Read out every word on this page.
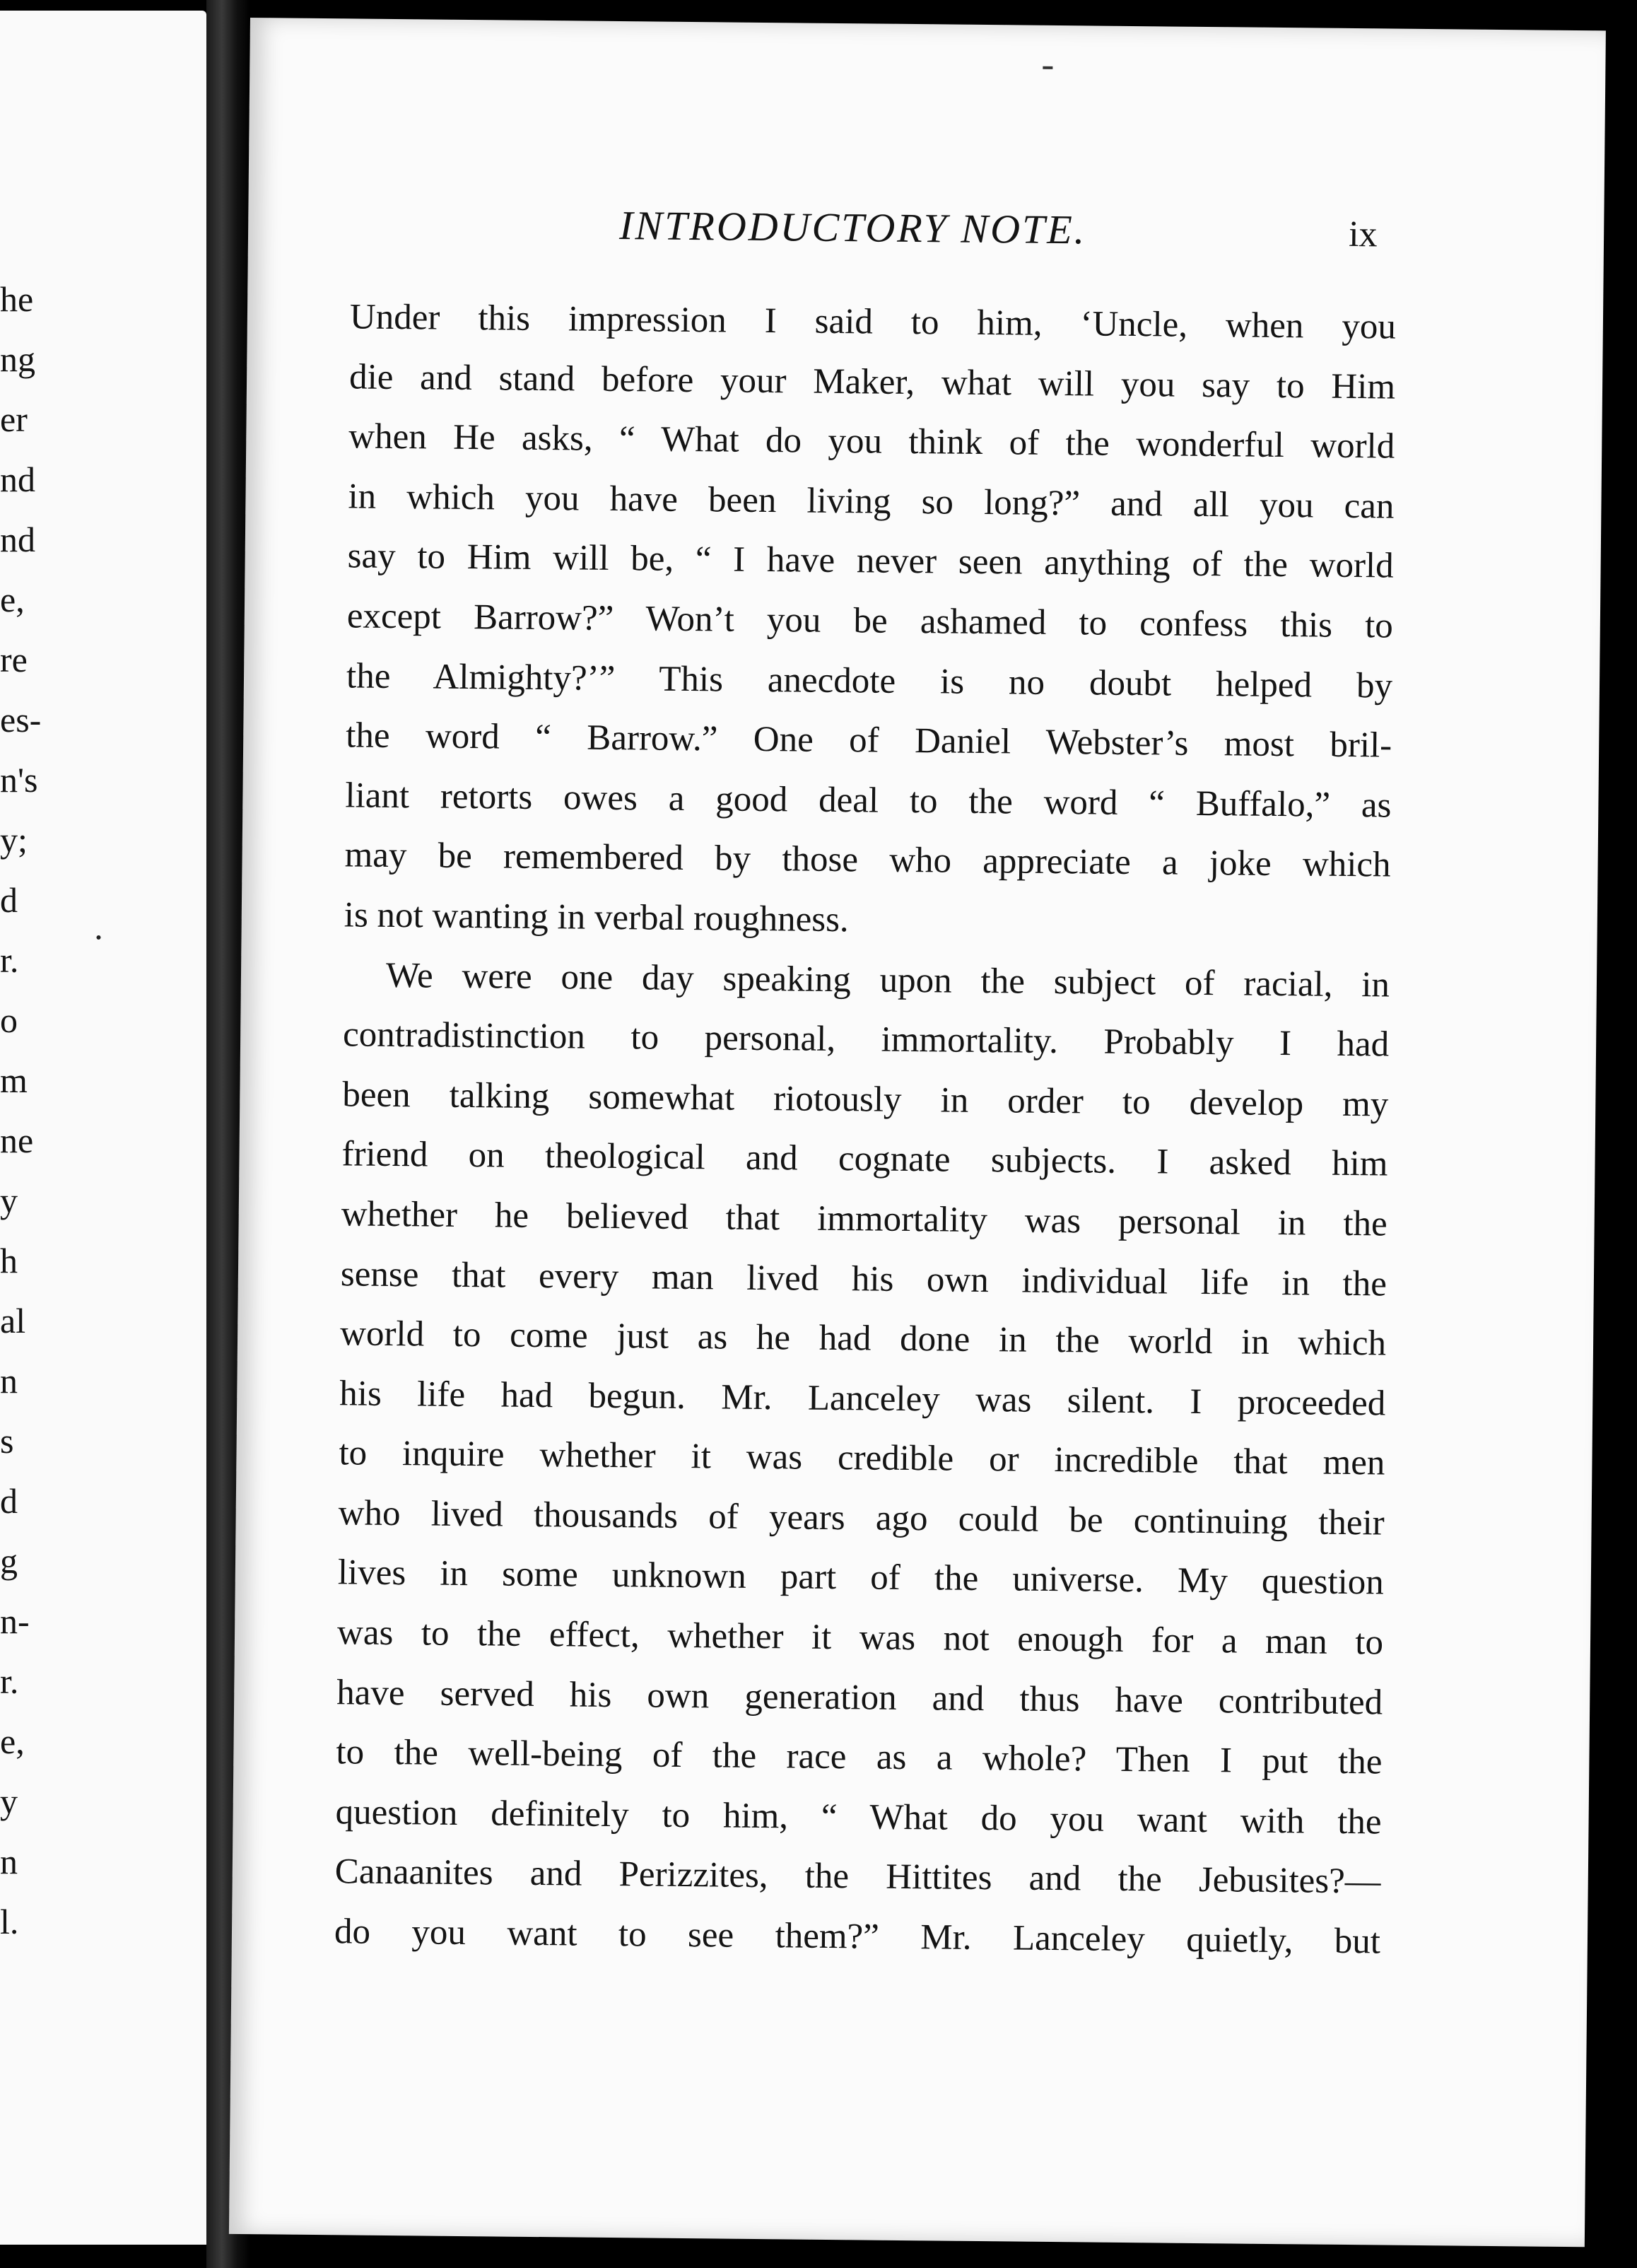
he
ng
er
nd
nd
e,
re
es-
n's
y;
d
r.
o
m
ne
y
h
al
n
s
d
g
n-
r.
e,
y
n
l.
INTRODUCTORY NOTE.	ix
Under this impression I said to him, ‘Uncle, when you
die and stand before your Maker, what will you say to Him
when He asks, “ What do you think of the wonderful world
in which you have been living so long?” and all you can
say to Him will be, “ I have never seen anything of the world
except Barrow?” Won’t you be ashamed to confess this to
the Almighty?’” This anecdote is no doubt helped by
the word “ Barrow.” One of Daniel Webster’s most bril-
liant retorts owes a good deal to the word “ Buffalo,” as
may be remembered by those who appreciate a joke which
is not wanting in verbal roughness.
We were one day speaking upon the subject of racial, in
contradistinction to personal, immortality. Probably I had
been talking somewhat riotously in order to develop my
friend on theological and cognate subjects. I asked him
whether he believed that immortality was personal in the
sense that every man lived his own individual life in the
world to come just as he had done in the world in which
his life had begun. Mr. Lanceley was silent. I proceeded
to inquire whether it was credible or incredible that men
who lived thousands of years ago could be continuing their
lives in some unknown part of the universe. My question
was to the effect, whether it was not enough for a man to
have served his own generation and thus have contributed
to the well-being of the race as a whole? Then I put the
question definitely to him, “ What do you want with the
Canaanites and Perizzites, the Hittites and the Jebusites?—
do you want to see them?” Mr. Lanceley quietly, but
